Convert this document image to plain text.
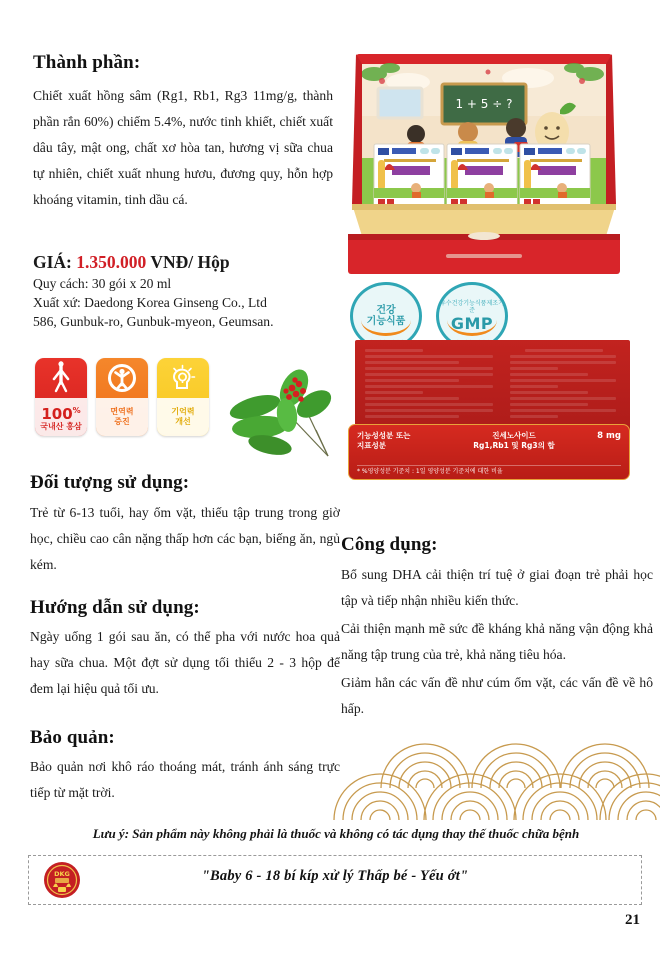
Thành phần:
Chiết xuất hồng sâm (Rg1, Rb1, Rg3 11mg/g, thành phần rắn 60%) chiếm 5.4%, nước tinh khiết, chiết xuất dâu tây, mật ong, chất xơ hòa tan, hương vị sữa chua tự nhiên, chiết xuất nhung hươu, đương quy, hỗn hợp khoáng vitamin, tinh dầu cá.
GIÁ: 1.350.000 VNĐ/ Hộp
Quy cách: 30 gói x 20 ml
Xuất xứ: Daedong Korea Ginseng Co., Ltd
586, Gunbuk-ro, Gunbuk-myeon, Geumsan.
100%
국내산 홍삼
면역력
증진
기억력
개선
1 + 5 ÷ ?
건강
기능식품
우수건강기능식품제조기준
GMP
기능성성분 또는
지표성분
진세노사이드
Rg1,Rb1 및 Rg3의 합
8 mg
* %영양성분 기준치 : 1일 영양성분 기준치에 대한 비율
Đối tượng sử dụng:
Trẻ từ 6-13 tuổi, hay ốm vặt, thiếu tập trung trong giờ học, chiều cao cân nặng thấp hơn các bạn, biếng ăn, ngủ kém.
Hướng dẫn sử dụng:
Ngày uống 1 gói sau ăn, có thể pha với nước hoa quả hay sữa chua. Một đợt sử dụng tối thiểu 2 - 3 hộp để đem lại hiệu quả tối ưu.
Bảo quản:
Bảo quản nơi khô ráo thoáng mát, tránh ánh sáng trực tiếp từ mặt trời.
Công dụng:

Bổ sung DHA cải thiện trí tuệ ở giai đoạn trẻ phải học tập và tiếp nhận nhiều kiến thức.

Cải thiện mạnh mẽ sức đề kháng khả năng vận động khả năng tập trung của trẻ, khả năng tiêu hóa.

Giảm hẳn các vấn đề như cúm ốm vặt, các vấn đề về hô hấp.

Lưu ý: Sản phẩm này không phải là thuốc và không có tác dụng thay thế thuốc chữa bệnh
DKG	"Baby 6 - 18 bí kíp xử lý Thấp bé - Yếu ớt"
21
